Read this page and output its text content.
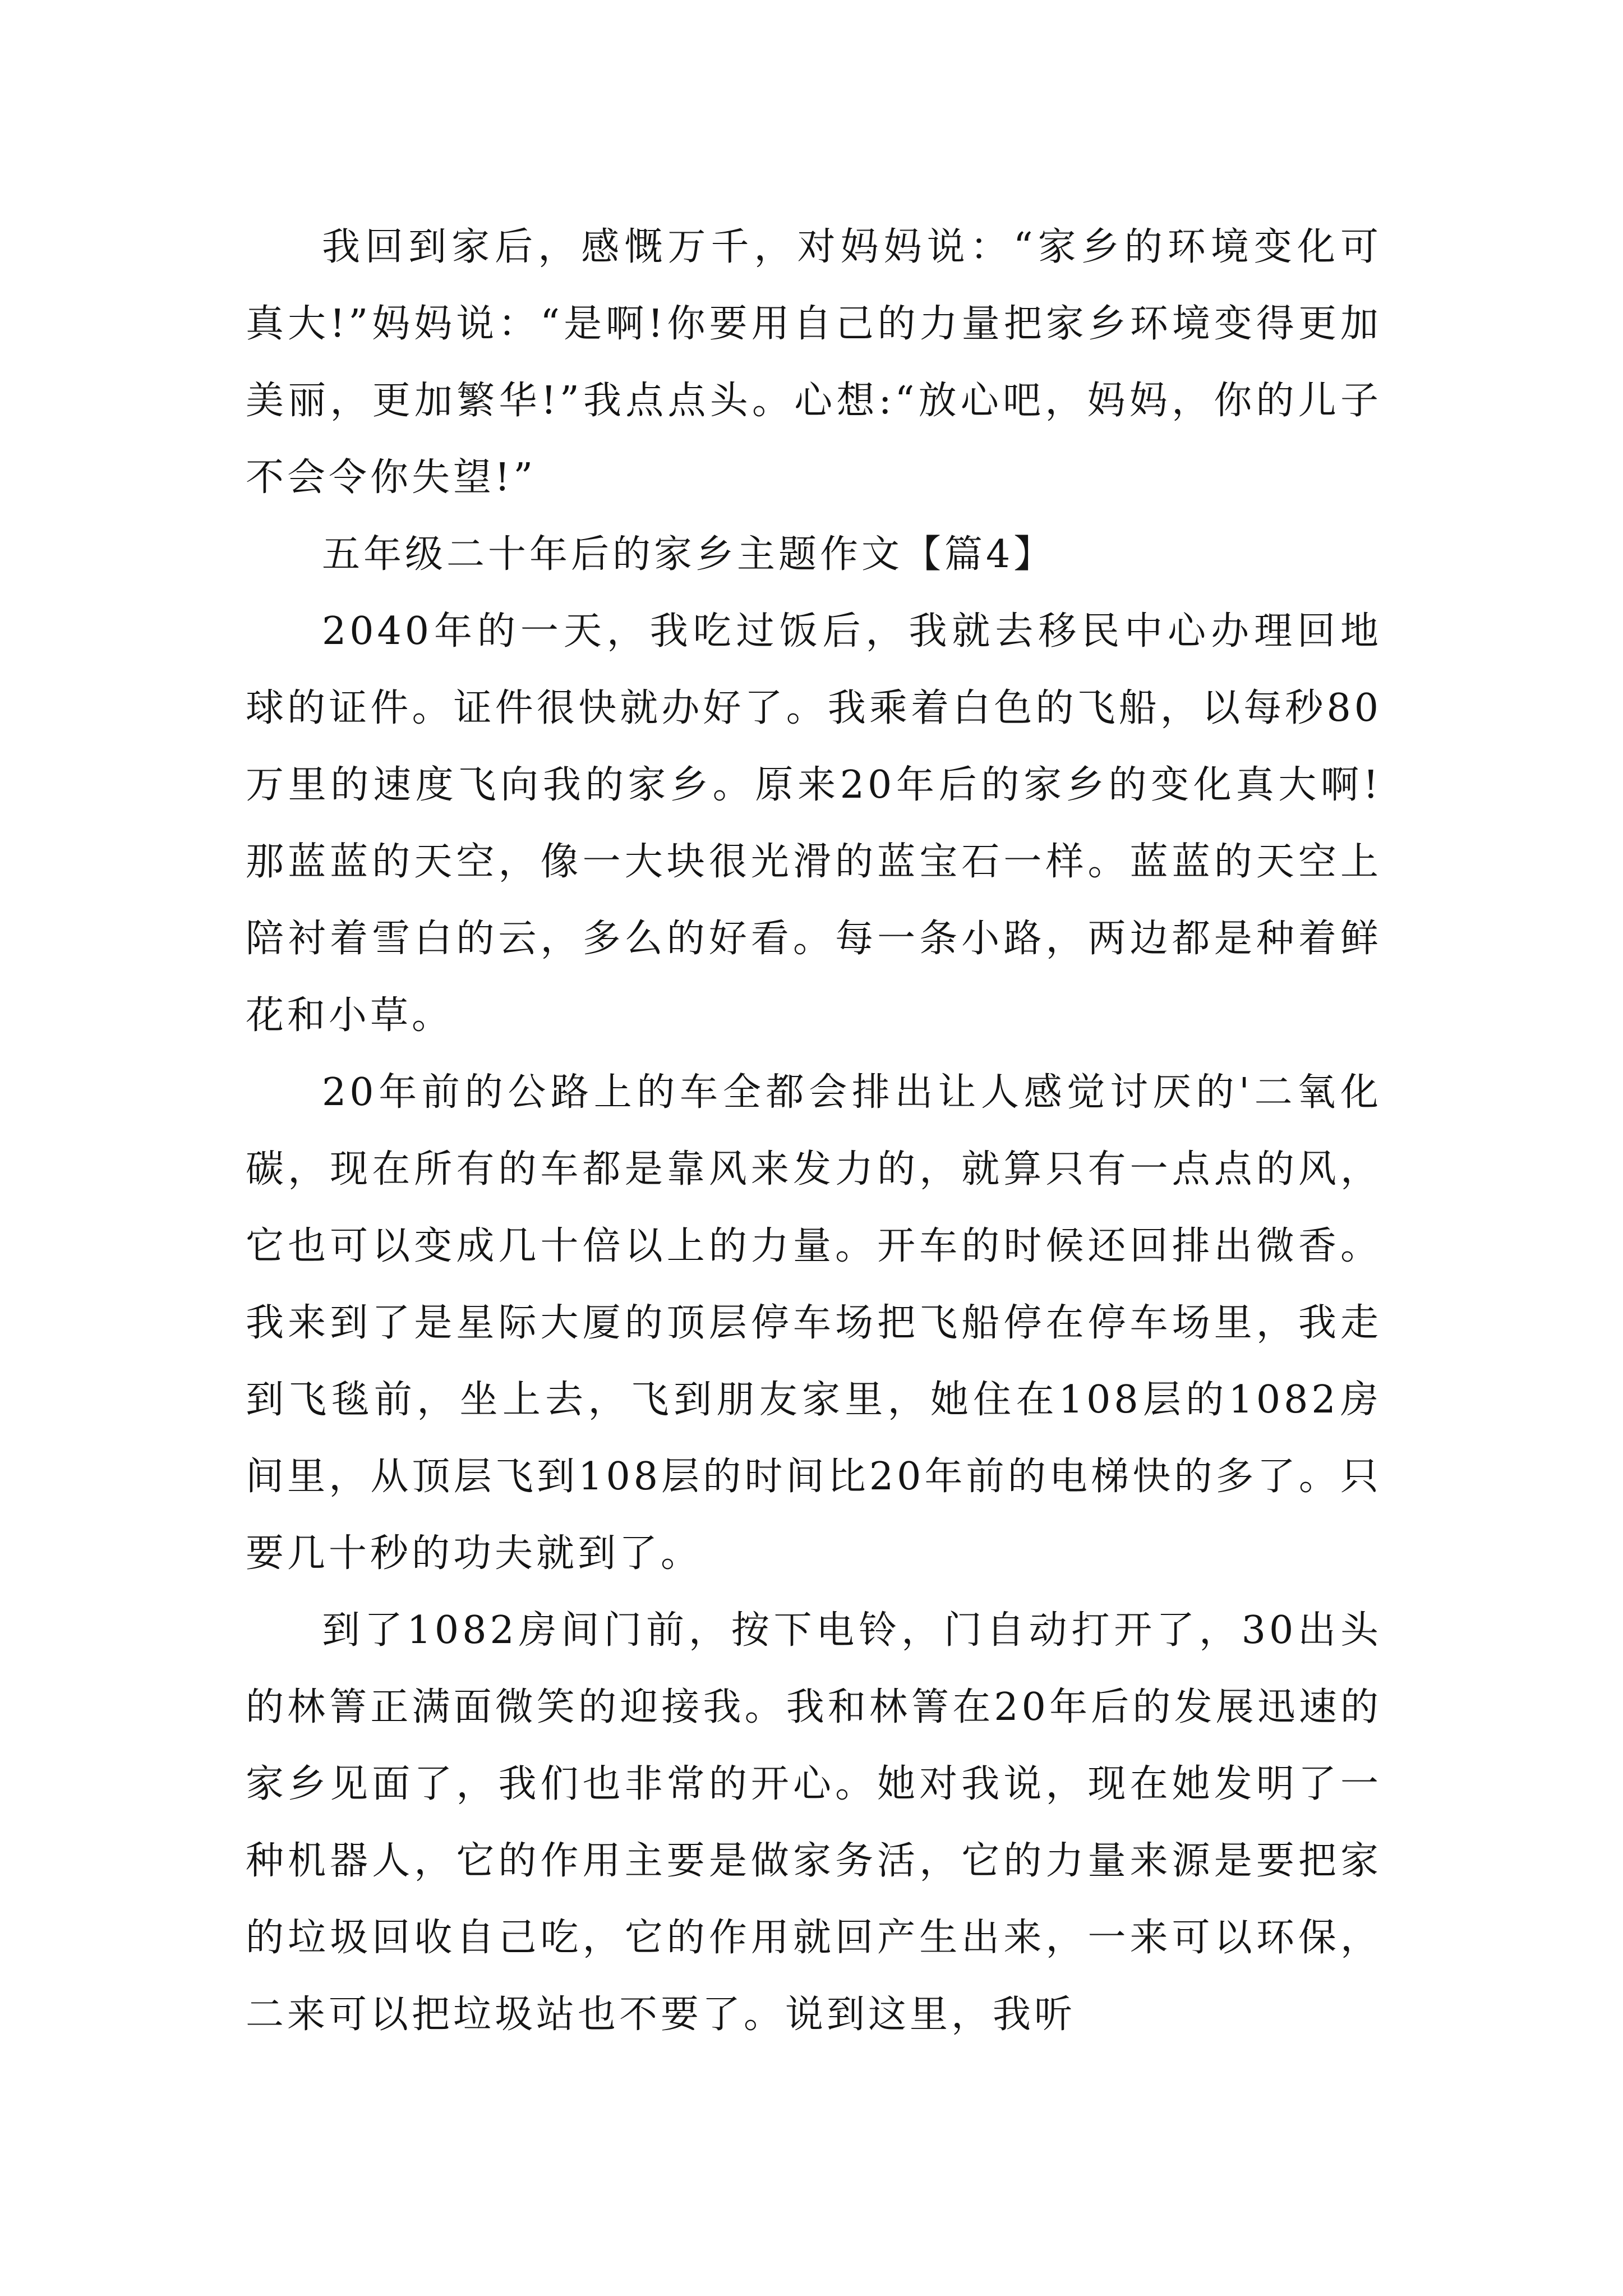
我回到家后，感慨万千，对妈妈说：“家乡的环境变化可真大!”妈妈说：“是啊!你要用自己的力量把家乡环境变得更加美丽，更加繁华!”我点点头。心想:“放心吧，妈妈，你的儿子不会令你失望!”

五年级二十年后的家乡主题作文【篇4】

2040年的一天，我吃过饭后，我就去移民中心办理回地球的证件。证件很快就办好了。我乘着白色的飞船，以每秒80万里的速度飞向我的家乡。原来20年后的家乡的变化真大啊!那蓝蓝的天空，像一大块很光滑的蓝宝石一样。蓝蓝的天空上陪衬着雪白的云，多么的好看。每一条小路，两边都是种着鲜花和小草。

20年前的公路上的车全都会排出让人感觉讨厌的'二氧化碳，现在所有的车都是靠风来发力的，就算只有一点点的风，它也可以变成几十倍以上的力量。开车的时候还回排出微香。我来到了是星际大厦的顶层停车场把飞船停在停车场里，我走到飞毯前，坐上去，飞到朋友家里，她住在108层的1082房间里，从顶层飞到108层的时间比20年前的电梯快的多了。只要几十秒的功夫就到了。

到了1082房间门前，按下电铃，门自动打开了，30出头的林箐正满面微笑的迎接我。我和林箐在20年后的发展迅速的家乡见面了，我们也非常的开心。她对我说，现在她发明了一种机器人，它的作用主要是做家务活，它的力量来源是要把家的垃圾回收自己吃，它的作用就回产生出来，一来可以环保，二来可以把垃圾站也不要了。说到这里，我听
